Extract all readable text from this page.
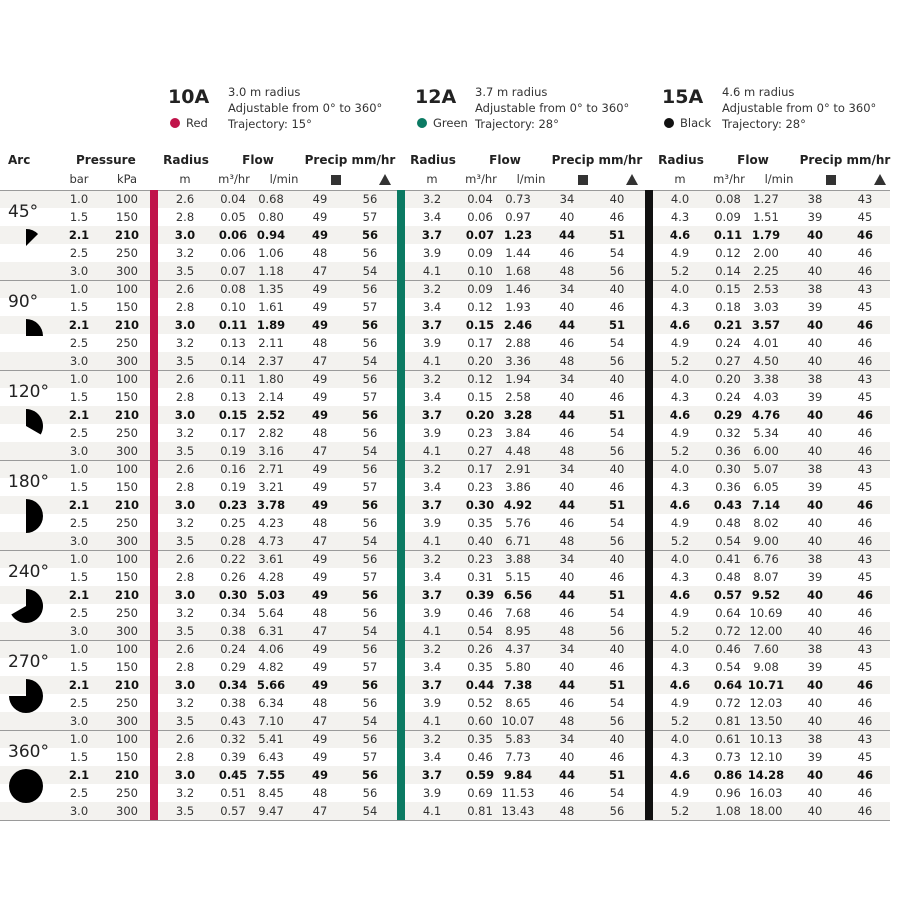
10A
Red
3.0 m radius
Adjustable from 0° to 360°
Trajectory: 15°
12A
Green
3.7 m radius
Adjustable from 0° to 360°
Trajectory: 28°
15A
Black
4.6 m radius
Adjustable from 0° to 360°
Trajectory: 28°
Arc	Pressure
bar	kPa
Radius	Flow	Precip mm/hr
m	m³/hr	l/min
Radius	Flow	Precip mm/hr
m	m³/hr	l/min
Radius	Flow	Precip mm/hr
m	m³/hr	l/min
45°
1.0	100	2.6	0.04	0.68	49	56	3.2	0.04	0.73	34	40	4.0	0.08	1.27	38	43
1.5	150	2.8	0.05	0.80	49	57	3.4	0.06	0.97	40	46	4.3	0.09	1.51	39	45
2.1	210	3.0	0.06 0.94	49	56	3.7	0.07 1.23	44	51	4.6	0.11 1.79	40	46
2.5	250	3.2	0.06	1.06	48	56	3.9	0.09	1.44	46	54	4.9	0.12	2.00	40	46
3.0	300	3.5	0.07	1.18	47	54	4.1	0.10	1.68	48	56	5.2	0.14	2.25	40	46
90°
1.0	100	2.6	0.08	1.35	49	56	3.2	0.09	1.46	34	40	4.0	0.15	2.53	38	43
1.5	150	2.8	0.10	1.61	49	57	3.4	0.12	1.93	40	46	4.3	0.18	3.03	39	45
2.1	210	3.0	0.11 1.89	49	56	3.7	0.15 2.46	44	51	4.6	0.21 3.57	40	46
2.5	250	3.2	0.13	2.11	48	56	3.9	0.17	2.88	46	54	4.9	0.24	4.01	40	46
3.0	300	3.5	0.14	2.37	47	54	4.1	0.20	3.36	48	56	5.2	0.27	4.50	40	46
120°
1.0	100	2.6	0.11	1.80	49	56	3.2	0.12	1.94	34	40	4.0	0.20	3.38	38	43
1.5	150	2.8	0.13	2.14	49	57	3.4	0.15	2.58	40	46	4.3	0.24	4.03	39	45
2.1	210	3.0	0.15 2.52	49	56	3.7	0.20 3.28	44	51	4.6	0.29 4.76	40	46
2.5	250	3.2	0.17	2.82	48	56	3.9	0.23	3.84	46	54	4.9	0.32	5.34	40	46
3.0	300	3.5	0.19	3.16	47	54	4.1	0.27	4.48	48	56	5.2	0.36	6.00	40	46
180°
1.0	100	2.6	0.16	2.71	49	56	3.2	0.17	2.91	34	40	4.0	0.30	5.07	38	43
1.5	150	2.8	0.19	3.21	49	57	3.4	0.23	3.86	40	46	4.3	0.36	6.05	39	45
2.1	210	3.0	0.23 3.78	49	56	3.7	0.30 4.92	44	51	4.6	0.43 7.14	40	46
2.5	250	3.2	0.25	4.23	48	56	3.9	0.35	5.76	46	54	4.9	0.48	8.02	40	46
3.0	300	3.5	0.28	4.73	47	54	4.1	0.40	6.71	48	56	5.2	0.54	9.00	40	46
240°
1.0	100	2.6	0.22	3.61	49	56	3.2	0.23	3.88	34	40	4.0	0.41	6.76	38	43
1.5	150	2.8	0.26	4.28	49	57	3.4	0.31	5.15	40	46	4.3	0.48	8.07	39	45
2.1	210	3.0	0.30 5.03	49	56	3.7	0.39 6.56	44	51	4.6	0.57 9.52	40	46
2.5	250	3.2	0.34	5.64	48	56	3.9	0.46	7.68	46	54	4.9	0.64 10.69	40	46
3.0	300	3.5	0.38	6.31	47	54	4.1	0.54	8.95	48	56	5.2	0.72 12.00	40	46
270°
1.0	100	2.6	0.24	4.06	49	56	3.2	0.26	4.37	34	40	4.0	0.46	7.60	38	43
1.5	150	2.8	0.29	4.82	49	57	3.4	0.35	5.80	40	46	4.3	0.54	9.08	39	45
2.1	210	3.0	0.34 5.66	49	56	3.7	0.44 7.38	44	51	4.6	0.64 10.71	40	46
2.5	250	3.2	0.38	6.34	48	56	3.9	0.52	8.65	46	54	4.9	0.72 12.03	40	46
3.0	300	3.5	0.43	7.10	47	54	4.1	0.60 10.07	48	56	5.2	0.81 13.50	40	46
360°
1.0	100	2.6	0.32	5.41	49	56	3.2	0.35	5.83	34	40	4.0	0.61 10.13	38	43
1.5	150	2.8	0.39	6.43	49	57	3.4	0.46	7.73	40	46	4.3	0.73 12.10	39	45
2.1	210	3.0	0.45 7.55	49	56	3.7	0.59 9.84	44	51	4.6	0.86 14.28	40	46
2.5	250	3.2	0.51	8.45	48	56	3.9	0.69 11.53	46	54	4.9	0.96 16.03	40	46
3.0	300	3.5	0.57	9.47	47	54	4.1	0.81 13.43	48	56	5.2	1.08 18.00	40	46
